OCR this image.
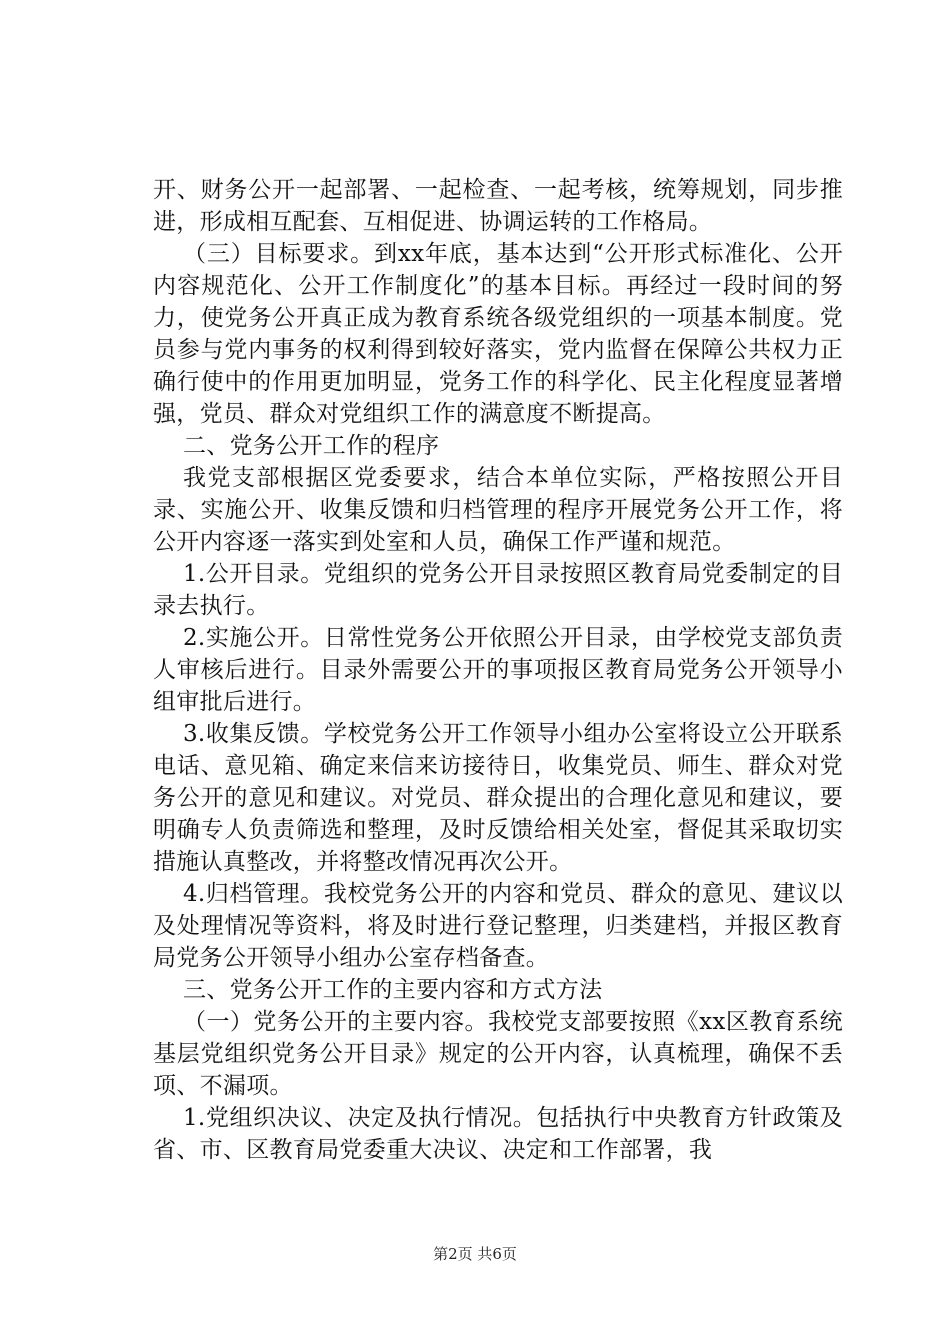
开、财务公开一起部署、一起检查、一起考核，统筹规划，同步推进，形成相互配套、互相促进、协调运转的工作格局。

（三）目标要求。到xx年底，基本达到“公开形式标准化、公开内容规范化、公开工作制度化”的基本目标。再经过一段时间的努力，使党务公开真正成为教育系统各级党组织的一项基本制度。党员参与党内事务的权利得到较好落实，党内监督在保障公共权力正确行使中的作用更加明显，党务工作的科学化、民主化程度显著增强，党员、群众对党组织工作的满意度不断提高。

二、党务公开工作的程序

我党支部根据区党委要求，结合本单位实际，严格按照公开目录、实施公开、收集反馈和归档管理的程序开展党务公开工作，将公开内容逐一落实到处室和人员，确保工作严谨和规范。

1.公开目录。党组织的党务公开目录按照区教育局党委制定的目录去执行。

2.实施公开。日常性党务公开依照公开目录，由学校党支部负责人审核后进行。目录外需要公开的事项报区教育局党务公开领导小组审批后进行。

3.收集反馈。学校党务公开工作领导小组办公室将设立公开联系电话、意见箱、确定来信来访接待日，收集党员、师生、群众对党务公开的意见和建议。对党员、群众提出的合理化意见和建议，要明确专人负责筛选和整理，及时反馈给相关处室，督促其采取切实措施认真整改，并将整改情况再次公开。

4.归档管理。我校党务公开的内容和党员、群众的意见、建议以及处理情况等资料，将及时进行登记整理，归类建档，并报区教育局党务公开领导小组办公室存档备查。

三、党务公开工作的主要内容和方式方法

（一）党务公开的主要内容。我校党支部要按照《xx区教育系统基层党组织党务公开目录》规定的公开内容，认真梳理，确保不丢项、不漏项。

1.党组织决议、决定及执行情况。包括执行中央教育方针政策及省、市、区教育局党委重大决议、决定和工作部署，我

第2页 共6页
